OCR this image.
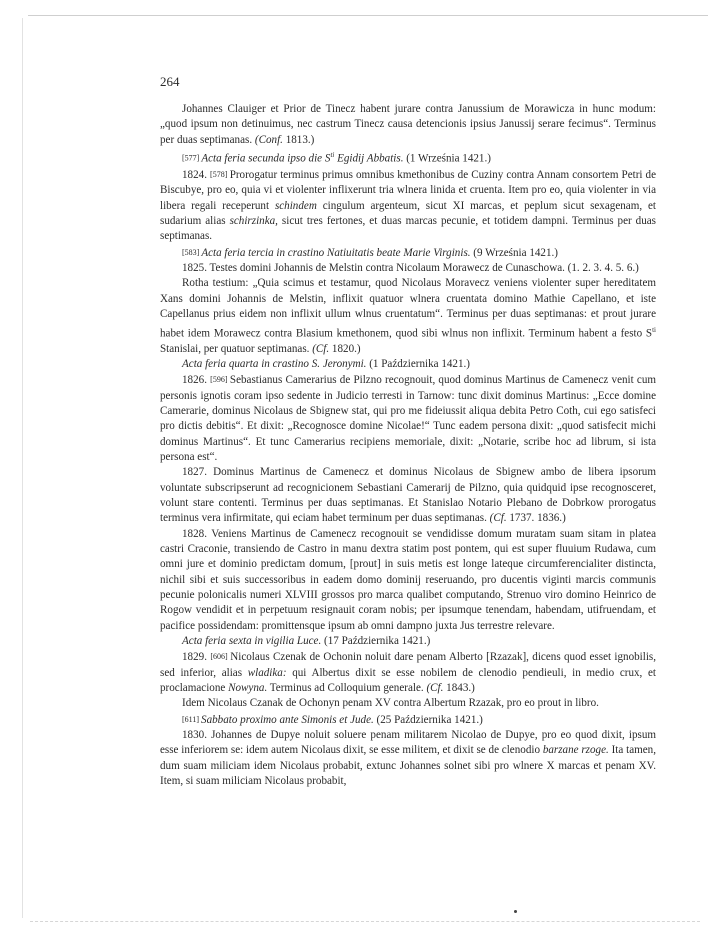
264

Johannes Clauiger et Prior de Tinecz habent jurare contra Janussium de Morawicza in hunc modum: „quod ipsum non detinuimus, nec castrum Tinecz causa detencionis ipsius Janussij serare fecimus“. Terminus per duas septimanas. (Conf. 1813.)

[577] Acta feria secunda ipso die $S^{ti}$ Egidij Abbatis. (1 Września 1421.)

1824. [578] Prorogatur terminus primus omnibus kmethonibus de Cuziny contra Annam consortem Petri de Biscubye, pro eo, quia vi et violenter inflixerunt tria wlnera linida et cruenta. Item pro eo, quia violenter in via libera regali receperunt schindem cingulum argenteum, sicut XI marcas, et peplum sicut sexagenam, et sudarium alias schirzinka, sicut tres fertones, et duas marcas pecunie, et totidem dampni. Terminus per duas septimanas.

[583] Acta feria tercia in crastino Natiuitatis beate Marie Virginis. (9 Września 1421.)

1825. Testes domini Johannis de Melstin contra Nicolaum Morawecz de Cunaschowa. (1. 2. 3. 4. 5. 6.)

Rotha testium: „Quia scimus et testamur, quod Nicolaus Moravecz veniens violenter super hereditatem Xans domini Johannis de Melstin, inflixit quatuor wlnera cruentata domino Mathie Capellano, et iste Capellanus prius eidem non inflixit ullum wlnus cruentatum“. Terminus per duas septimanas: et prout jurare habet idem Morawecz contra Blasium kmethonem, quod sibi wlnus non inflixit. Terminum habent a festo $S^{ti}$ Stanislai, per quatuor septimanas. (Cf. 1820.)

Acta feria quarta in crastino S. Jeronymi. (1 Października 1421.)

1826. [596] Sebastianus Camerarius de Pilzno recognouit, quod dominus Martinus de Camenecz venit cum personis ignotis coram ipso sedente in Judicio terresti in Tarnow: tunc dixit dominus Martinus: „Ecce domine Camerarie, dominus Nicolaus de Sbignew stat, qui pro me fideiussit aliqua debita Petro Coth, cui ego satisfeci pro dictis debitis“. Et dixit: „Recognosce domine Nicolae!“ Tunc eadem persona dixit: „quod satisfecit michi dominus Martinus“. Et tunc Camerarius recipiens memoriale, dixit: „Notarie, scribe hoc ad librum, si ista persona est“.

1827. Dominus Martinus de Camenecz et dominus Nicolaus de Sbignew ambo de libera ipsorum voluntate subscripserunt ad recognicionem Sebastiani Camerarij de Pilzno, quia quidquid ipse recognosceret, volunt stare contenti. Terminus per duas septimanas. Et Stanislao Notario Plebano de Dobrkow prorogatus terminus vera infirmitate, qui eciam habet terminum per duas septimanas. (Cf. 1737. 1836.)

1828. Veniens Martinus de Camenecz recognouit se vendidisse domum muratam suam sitam in platea castri Craconie, transiendo de Castro in manu dextra statim post pontem, qui est super fluuium Rudawa, cum omni jure et dominio predictam domum, [prout] in suis metis est longe lateque circumferencialiter distincta, nichil sibi et suis successoribus in eadem domo dominij reseruando, pro ducentis viginti marcis communis pecunie polonicalis numeri XLVIII grossos pro marca qualibet computando, Strenuo viro domino Heinrico de Rogow vendidit et in perpetuum resignauit coram nobis; per ipsumque tenendam, habendam, utifruendam, et pacifice possidendam: promittensque ipsum ab omni dampno juxta Jus terrestre relevare.

Acta feria sexta in vigilia Luce. (17 Października 1421.)

1829. [606] Nicolaus Czenak de Ochonin noluit dare penam Alberto [Rzazak], dicens quod esset ignobilis, sed inferior, alias wladika: qui Albertus dixit se esse nobilem de clenodio pendieuli, in medio crux, et proclamacione Nowyna. Terminus ad Colloquium generale. (Cf. 1843.)

Idem Nicolaus Czanak de Ochonyn penam XV contra Albertum Rzazak, pro eo prout in libro.

[611] Sabbato proximo ante Simonis et Jude. (25 Października 1421.)

1830. Johannes de Dupye noluit soluere penam militarem Nicolao de Dupye, pro eo quod dixit, ipsum esse inferiorem se: idem autem Nicolaus dixit, se esse militem, et dixit se de clenodio barzane rzoge. Ita tamen, dum suam miliciam idem Nicolaus probabit, extunc Johannes solnet sibi pro wlnere X marcas et penam XV. Item, si suam miliciam Nicolaus probabit,
